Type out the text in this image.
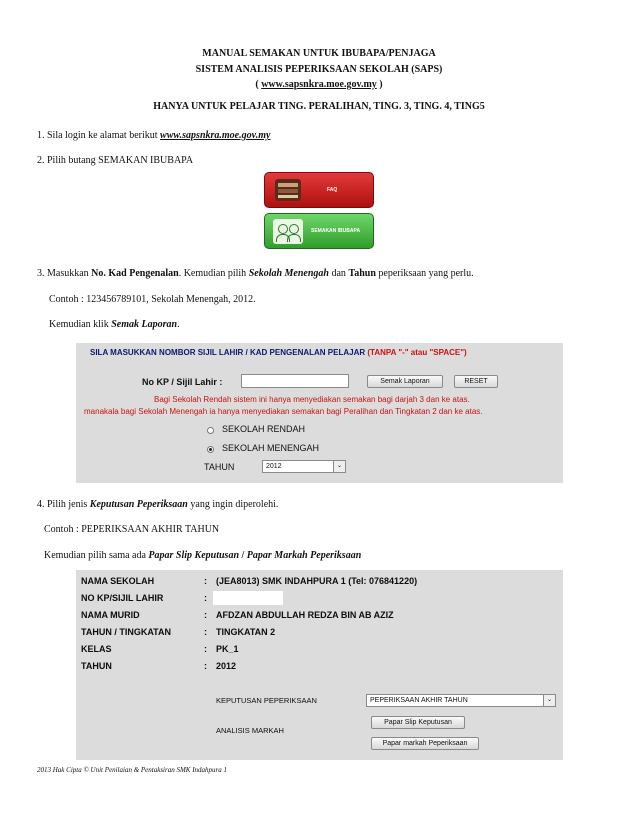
MANUAL SEMAKAN UNTUK IBUBAPA/PENJAGA
SISTEM ANALISIS PEPERIKSAAN SEKOLAH (SAPS)
( www.sapsnkra.moe.gov.my )
HANYA UNTUK PELAJAR TING. PERALIHAN, TING. 3, TING. 4, TING5
1. Sila login ke alamat berikut www.sapsnkra.moe.gov.my
2. Pilih butang SEMAKAN IBUBAPA
FAQ
SEMAKAN IBUBAPA
3. Masukkan No. Kad Pengenalan. Kemudian pilih Sekolah Menengah dan Tahun peperiksaan yang perlu.
Contoh : 123456789101, Sekolah Menengah, 2012.
Kemudian klik Semak Laporan.
SILA MASUKKAN NOMBOR SIJIL LAHIR / KAD PENGENALAN PELAJAR (TANPA "-" atau "SPACE")
No KP / Sijil Lahir :	Semak Laporan	RESET
Bagi Sekolah Rendah sistem ini hanya menyediakan semakan bagi darjah 3 dan ke atas.
manakala bagi Sekolah Menengah ia hanya menyediakan semakan bagi Peralihan dan Tingkatan 2 dan ke atas.
SEKOLAH RENDAH
SEKOLAH MENENGAH
TAHUN	2012	⌄
4. Pilih jenis Keputusan Peperiksaan yang ingin diperolehi.
Contoh : PEPERIKSAAN AKHIR TAHUN
Kemudian pilih sama ada Papar Slip Keputusan / Papar Markah Peperiksaan
NAMA SEKOLAH	: (JEA8013) SMK INDAHPURA 1 (Tel: 076841220)
NO KP/SIJIL LAHIR	:
NAMA MURID	: AFDZAN ABDULLAH REDZA BIN AB AZIZ
TAHUN / TINGKATAN	: TINGKATAN 2
KELAS	: PK_1
TAHUN	: 2012
KEPUTUSAN PEPERIKSAAN	PEPERIKSAAN AKHIR TAHUN	⌄
Papar Slip Keputusan
ANALISIS MARKAH
Papar markah Peperiksaan
2013 Hak Cipta © Unit Penilaian & Pentaksiran SMK Indahpura 1
